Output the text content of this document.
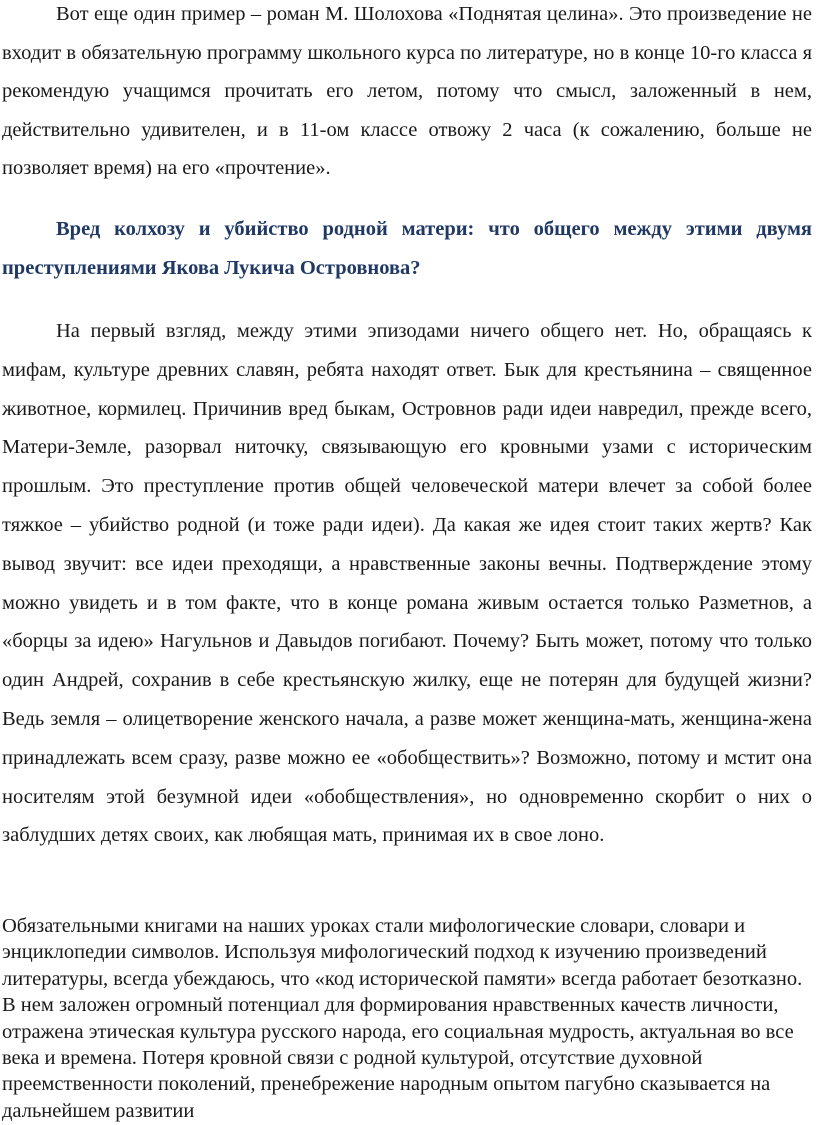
Вот еще один пример – роман М. Шолохова «Поднятая целина». Это произведение не входит в обязательную программу школьного курса по литературе, но в конце 10-го класса я рекомендую учащимся прочитать его летом, потому что смысл, заложенный в нем, действительно удивителен, и в 11-ом классе отвожу 2 часа (к сожалению, больше не позволяет время) на его «прочтение».

Вред колхозу и убийство родной матери: что общего между этими двумя преступлениями Якова Лукича Островнова?

На первый взгляд, между этими эпизодами ничего общего нет. Но, обращаясь к мифам, культуре древних славян, ребята находят ответ. Бык для крестьянина – священное животное, кормилец. Причинив вред быкам, Островнов ради идеи навредил, прежде всего, Матери-Земле, разорвал ниточку, связывающую его кровными узами с историческим прошлым. Это преступление против общей человеческой матери влечет за собой более тяжкое – убийство родной (и тоже ради идеи). Да какая же идея стоит таких жертв? Как вывод звучит: все идеи преходящи, а нравственные законы вечны. Подтверждение этому можно увидеть и в том факте, что в конце романа живым остается только Разметнов, а «борцы за идею» Нагульнов и Давыдов погибают. Почему? Быть может, потому что только один Андрей, сохранив в себе крестьянскую жилку, еще не потерян для будущей жизни? Ведь земля – олицетворение женского начала, а разве может женщина-мать, женщина-жена принадлежать всем сразу, разве можно ее «обобществить»? Возможно, потому и мстит она носителям этой безумной идеи «обобществления», но одновременно скорбит о них о заблудших детях своих, как любящая мать, принимая их в свое лоно.

Обязательными книгами на наших уроках стали мифологические словари, словари и энциклопедии символов. Используя мифологический подход к изучению произведений литературы, всегда убеждаюсь, что «код исторической памяти» всегда работает безотказно. В нем заложен огромный потенциал для формирования нравственных качеств личности, отражена этическая культура русского народа, его социальная мудрость, актуальная во все века и времена. Потеря кровной связи с родной культурой, отсутствие духовной преемственности поколений, пренебрежение народным опытом пагубно сказывается на дальнейшем развитии
